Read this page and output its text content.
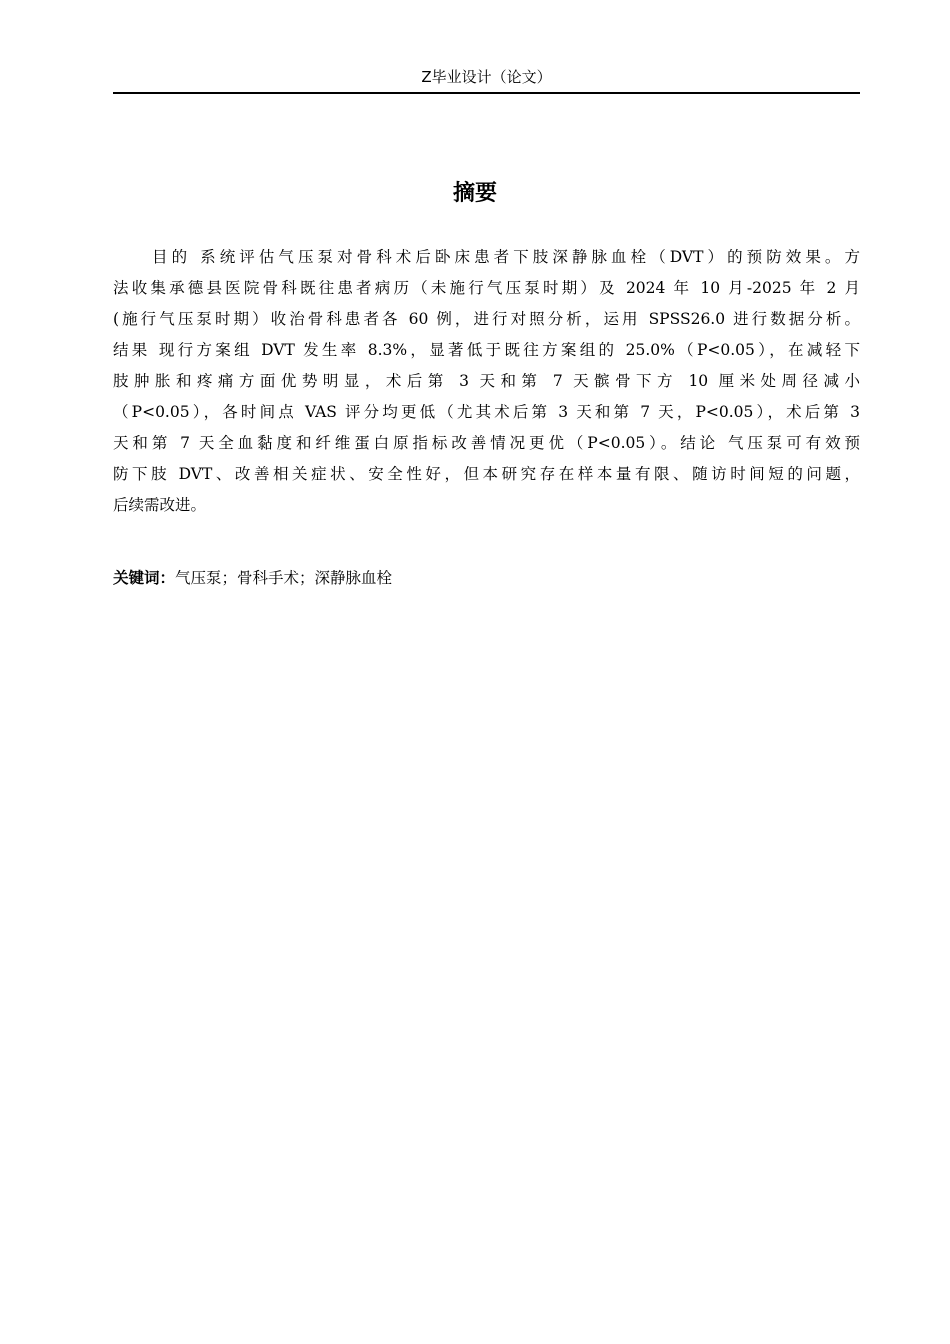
Z毕业设计（论文）
摘要
目的 系统评估气压泵对骨科术后卧床患者下肢深静脉血栓（DVT）的预防效果。方
法收集承德县医院骨科既往患者病历（未施行气压泵时期）及 2024 年 10 月-2025 年 2 月
(施行气压泵时期）收治骨科患者各 60 例，进行对照分析，运用 SPSS26.0 进行数据分析。
结果 现行方案组 DVT 发生率 8.3%，显著低于既往方案组的 25.0%（P<0.05），在减轻下
肢肿胀和疼痛方面优势明显，术后第 3 天和第 7 天髌骨下方 10 厘米处周径减小
（P<0.05），各时间点 VAS 评分均更低（尤其术后第 3 天和第 7 天，P<0.05），术后第 3
天和第 7 天全血黏度和纤维蛋白原指标改善情况更优（P<0.05）。结论 气压泵可有效预
防下肢 DVT、改善相关症状、安全性好，但本研究存在样本量有限、随访时间短的问题，
后续需改进。
关键词：气压泵；骨科手术；深静脉血栓
